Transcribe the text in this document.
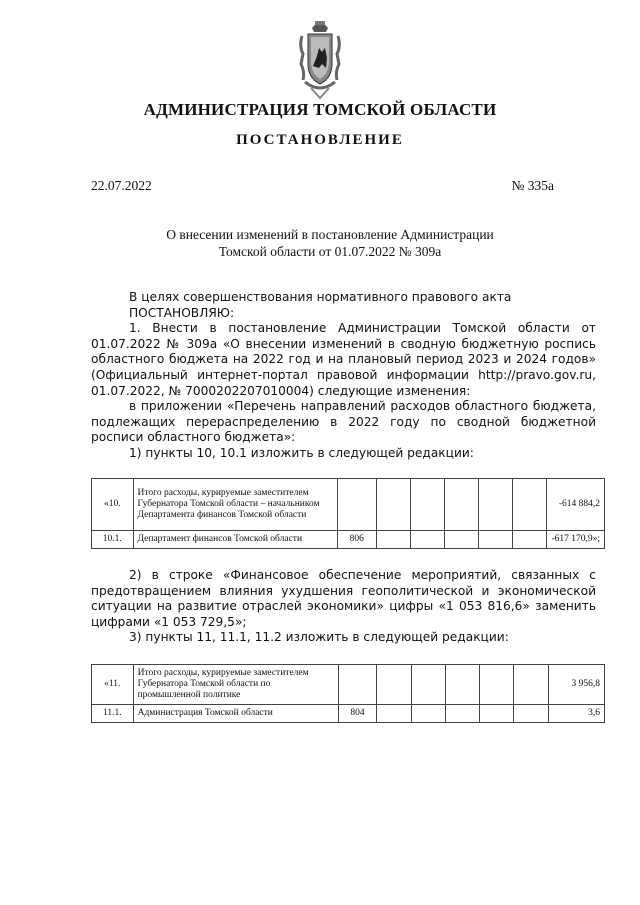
АДМИНИСТРАЦИЯ ТОМСКОЙ ОБЛАСТИ
ПОСТАНОВЛЕНИЕ
22.07.2022	№ 335а
О внесении изменений в постановление Администрации
Томской области от 01.07.2022 № 309а

В целях совершенствования нормативного правового акта

ПОСТАНОВЛЯЮ:

1. Внести в постановление Администрации Томской области от 01.07.2022 № 309а «О внесении изменений в сводную бюджетную роспись областного бюджета на 2022 год и на плановый период 2023 и 2024 годов» (Официальный интернет-портал правовой информации http://pravo.gov.ru, 01.07.2022, № 7000202207010004) следующие изменения:

в приложении «Перечень направлений расходов областного бюджета, подлежащих перераспределению в 2022 году по сводной бюджетной росписи областного бюджета»:

1) пункты 10, 10.1 изложить в следующей редакции:

«10.	Итого расходы, курируемые заместителем Губернатора Томской области – начальником Департамента финансов Томской области							-614 884,2
10.1.	Департамент финансов Томской области	806						-617 170,9»;

2) в строке «Финансовое обеспечение мероприятий, связанных с предотвращением влияния ухудшения геополитической и экономической ситуации на развитие отраслей экономики» цифры «1 053 816,6» заменить цифрами «1 053 729,5»;

3) пункты 11, 11.1, 11.2 изложить в следующей редакции:

«11.	Итого расходы, курируемые заместителем Губернатора Томской области по промышленной политике							3 956,8
11.1.	Администрация Томской области	804						3,6
